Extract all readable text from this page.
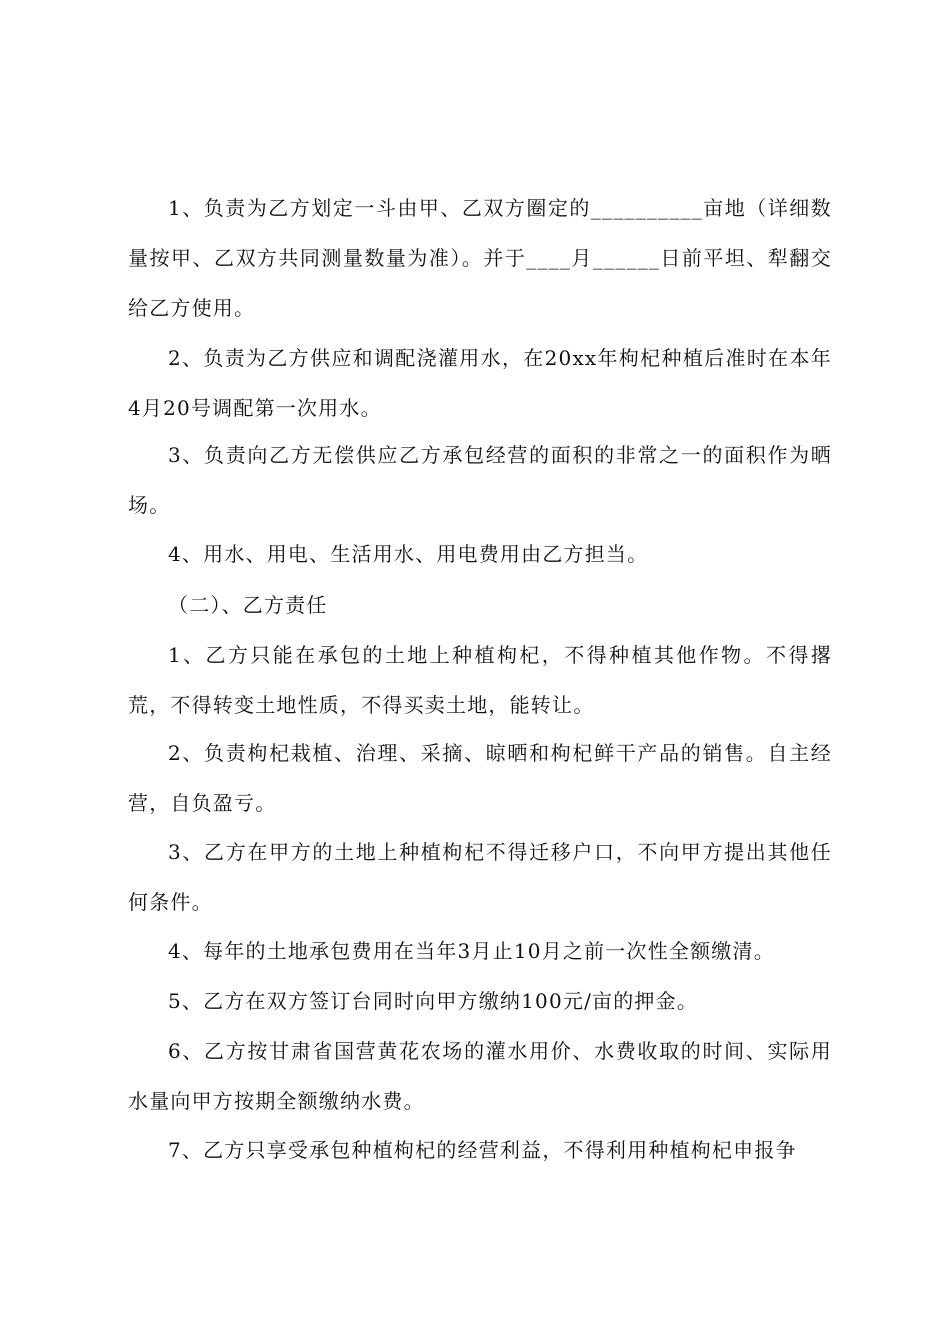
1、负责为乙方划定一斗由甲、乙双方圈定的__________亩地（详细数量按甲、乙双方共同测量数量为准）。并于____月______日前平坦、犁翻交给乙方使用。

2、负责为乙方供应和调配浇灌用水，在20xx年枸杞种植后准时在本年4月20号调配第一次用水。

3、负责向乙方无偿供应乙方承包经营的面积的非常之一的面积作为晒场。

4、用水、用电、生活用水、用电费用由乙方担当。

（二）、乙方责任

1、乙方只能在承包的土地上种植枸杞，不得种植其他作物。不得撂荒，不得转变土地性质，不得买卖土地，能转让。

2、负责枸杞栽植、治理、采摘、晾晒和枸杞鲜干产品的销售。自主经营，自负盈亏。

3、乙方在甲方的土地上种植枸杞不得迁移户口，不向甲方提出其他任何条件。

4、每年的土地承包费用在当年3月止10月之前一次性全额缴清。

5、乙方在双方签订台同时向甲方缴纳100元/亩的押金。

6、乙方按甘肃省国营黄花农场的灌水用价、水费收取的时间、实际用水量向甲方按期全额缴纳水费。

7、乙方只享受承包种植枸杞的经营利益，不得利用种植枸杞申报争
